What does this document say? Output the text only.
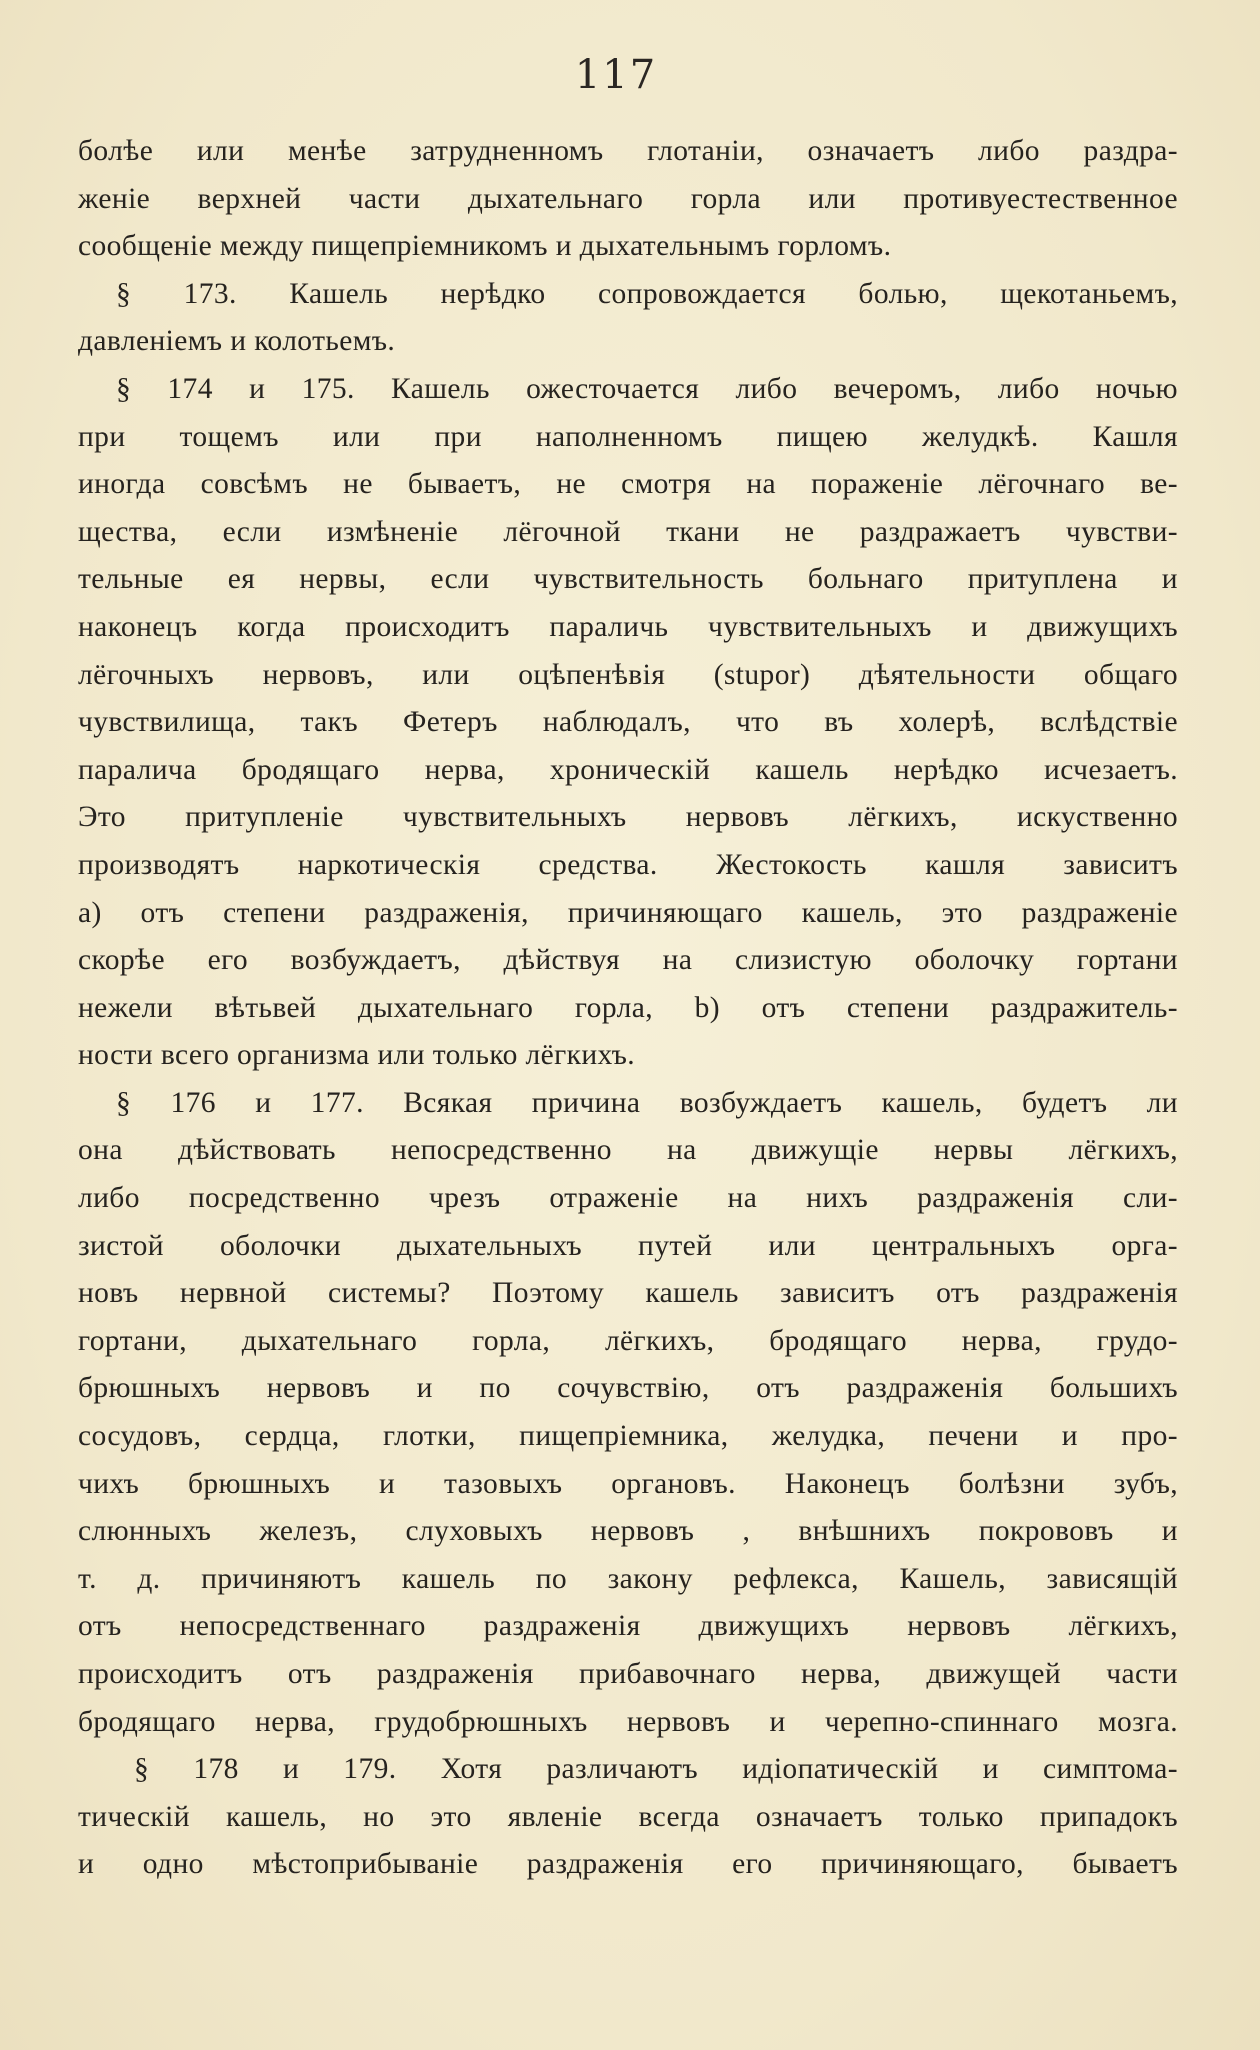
117
болѣе или менѣе затрудненномъ глотаніи, означаетъ либо раздра-
женіе верхней части дыхательнаго горла или противуестественное
сообщеніе между пищепріемникомъ и дыхательнымъ горломъ.
§ 173. Кашель нерѣдко сопровождается болью, щекотаньемъ,
давленіемъ и колотьемъ.
§ 174 и 175. Кашель ожесточается либо вечеромъ, либо ночью
при тощемъ или при наполненномъ пищею желудкѣ. Кашля
иногда совсѣмъ не бываетъ, не смотря на пораженіе лёгочнаго ве-
щества, если измѣненіе лёгочной ткани не раздражаетъ чувстви-
тельные ея нервы, если чувствительность больнаго притуплена и
наконецъ когда происходитъ параличь чувствительныхъ и движущихъ
лёгочныхъ нервовъ, или оцѣпенѣвія (stupor) дѣятельности общаго
чувствилища, такъ Фетеръ наблюдалъ, что въ холерѣ, вслѣдствіе
паралича бродящаго нерва, хроническій кашель нерѣдко исчезаетъ.
Это притупленіе чувствительныхъ нервовъ лёгкихъ, искуственно
производятъ наркотическія средства. Жестокость кашля зависитъ
a) отъ степени раздраженія, причиняющаго кашель, это раздраженіе
скорѣе его возбуждаетъ, дѣйствуя на слизистую оболочку гортани
нежели вѣтьвей дыхательнаго горла, b) отъ степени раздражитель-
ности всего организма или только лёгкихъ.
§ 176 и 177. Всякая причина возбуждаетъ кашель, будетъ ли
она дѣйствовать непосредственно на движущіе нервы лёгкихъ,
либо посредственно чрезъ отраженіе на нихъ раздраженія сли-
зистой оболочки дыхательныхъ путей или центральныхъ орга-
новъ нервной системы? Поэтому кашель зависитъ отъ раздраженія
гортани, дыхательнаго горла, лёгкихъ, бродящаго нерва, грудо-
брюшныхъ нервовъ и по сочувствію, отъ раздраженія большихъ
сосудовъ, сердца, глотки, пищепріемника, желудка, печени и про-
чихъ брюшныхъ и тазовыхъ органовъ. Наконецъ болѣзни зубъ,
слюнныхъ железъ, слуховыхъ нервовъ , внѣшнихъ покрововъ и
т. д. причиняютъ кашель по закону рефлекса, Кашель, зависящій
отъ непосредственнаго раздраженія движущихъ нервовъ лёгкихъ,
происходитъ отъ раздраженія прибавочнаго нерва, движущей части
бродящаго нерва, грудобрюшныхъ нервовъ и черепно-спиннаго мозга.
§ 178 и 179. Хотя различаютъ идіопатическій и симптома-
тическій кашель, но это явленіе всегда означаетъ только припадокъ
и одно мѣстоприбываніе раздраженія его причиняющаго, бываетъ
